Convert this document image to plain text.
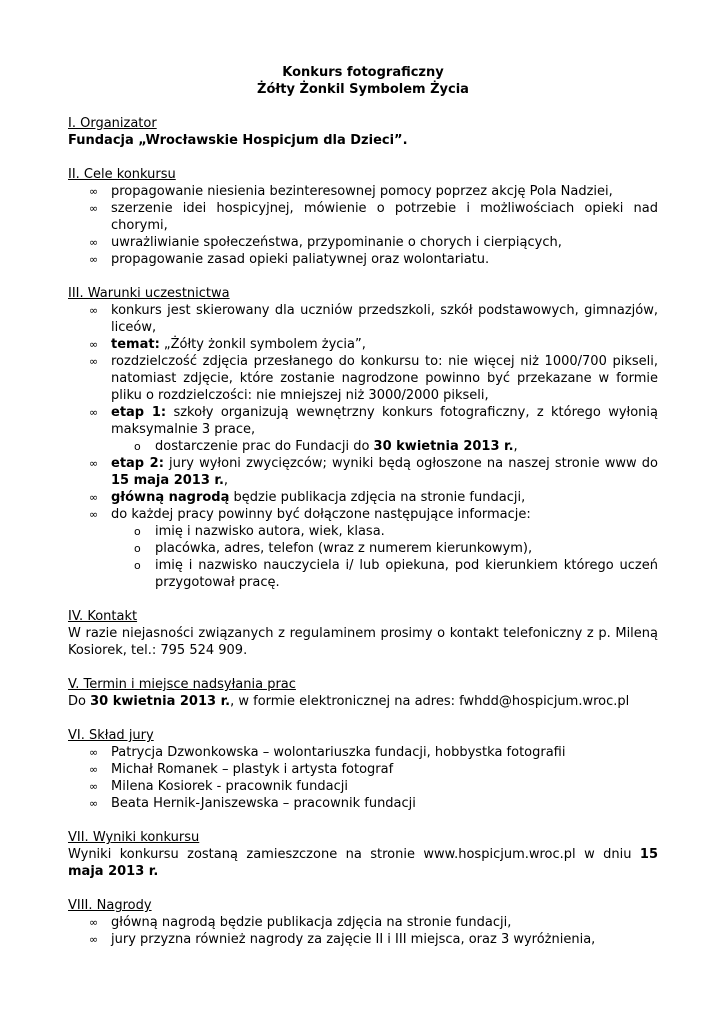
Konkurs fotograficzny
Żółty Żonkil Symbolem Życia
I. Organizator
Fundacja „Wrocławskie Hospicjum dla Dzieci”.
II. Cele konkursu
∞ propagowanie niesienia bezinteresownej pomocy poprzez akcję Pola Nadziei,
∞ szerzenie idei hospicyjnej, mówienie o potrzebie i możliwościach opieki nad chorymi,
∞ uwrażliwianie społeczeństwa, przypominanie o chorych i cierpiących,
∞ propagowanie zasad opieki paliatywnej oraz wolontariatu.
III. Warunki uczestnictwa
∞ konkurs jest skierowany dla uczniów przedszkoli, szkół podstawowych, gimnazjów, liceów,
∞ temat: „Żółty żonkil symbolem życia”,
∞ rozdzielczość zdjęcia przesłanego do konkursu to: nie więcej niż 1000/700 pikseli, natomiast zdjęcie, które zostanie nagrodzone powinno być przekazane w formie pliku o rozdzielczości: nie mniejszej niż 3000/2000 pikseli,
∞ etap 1: szkoły organizują wewnętrzny konkurs fotograficzny, z którego wyłonią maksymalnie 3 prace,
o dostarczenie prac do Fundacji do 30 kwietnia 2013 r.,
∞ etap 2: jury wyłoni zwycięzców; wyniki będą ogłoszone na naszej stronie www do 15 maja 2013 r.,
∞ główną nagrodą będzie publikacja zdjęcia na stronie fundacji,
∞ do każdej pracy powinny być dołączone następujące informacje:
o imię i nazwisko autora, wiek, klasa.
o placówka, adres, telefon (wraz z numerem kierunkowym),
o imię i nazwisko nauczyciela i/ lub opiekuna, pod kierunkiem którego uczeń przygotował pracę.
IV. Kontakt
W razie niejasności związanych z regulaminem prosimy o kontakt telefoniczny z p. Mileną Kosiorek, tel.: 795 524 909.
V. Termin i miejsce nadsyłania prac
Do 30 kwietnia 2013 r., w formie elektronicznej na adres: fwhdd@hospicjum.wroc.pl
VI. Skład jury
∞ Patrycja Dzwonkowska – wolontariuszka fundacji, hobbystka fotografii
∞ Michał Romanek – plastyk i artysta fotograf
∞ Milena Kosiorek - pracownik fundacji
∞ Beata Hernik-Janiszewska – pracownik fundacji
VII. Wyniki konkursu
Wyniki konkursu zostaną zamieszczone na stronie www.hospicjum.wroc.pl w dniu 15 maja 2013 r.
VIII. Nagrody
∞ główną nagrodą będzie publikacja zdjęcia na stronie fundacji,
∞ jury przyzna również nagrody za zajęcie II i III miejsca, oraz 3 wyróżnienia,
